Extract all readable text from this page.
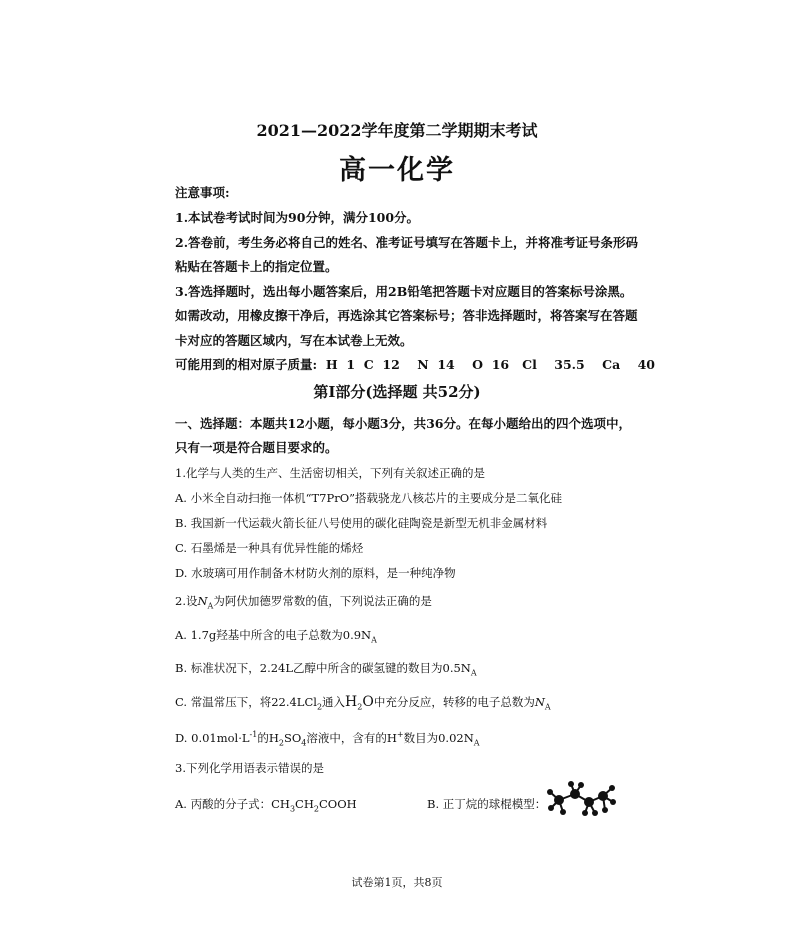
2021—2022学年度第二学期期末考试
高一化学
注意事项:
1.本试卷考试时间为90分钟，满分100分。
2.答卷前，考生务必将自己的姓名、准考证号填写在答题卡上，并将准考证号条形码
粘贴在答题卡上的指定位置。
3.答选择题时，选出每小题答案后，用2B铅笔把答题卡对应题目的答案标号涂黑。
如需改动，用橡皮擦干净后，再选涂其它答案标号；答非选择题时，将答案写在答题
卡对应的答题区域内，写在本试卷上无效。
可能用到的相对原子质量:  H  1  C  12    N  14    O  16   Cl    35.5    Ca    40
第Ⅰ部分(选择题 共52分)
一、选择题：本题共12小题，每小题3分，共36分。在每小题给出的四个选项中，
只有一项是符合题目要求的。
1.化学与人类的生产、生活密切相关，下列有关叙述正确的是
A. 小米全自动扫拖一体机“T7PrO”搭载骁龙八核芯片的主要成分是二氧化硅
B. 我国新一代运载火箭长征八号使用的碳化硅陶瓷是新型无机非金属材料
C. 石墨烯是一种具有优异性能的烯烃
D. 水玻璃可用作制备木材防火剂的原料，是一种纯净物
2.设$N_A$为阿伏加德罗常数的值，下列说法正确的是
A. 1.7g羟基中所含的电子总数为$0.9N_A$
B. 标准状况下，2.24L乙醇中所含的碳氢键的数目为$0.5N_A$
C. 常温常压下，将22.4LCl$_2$通入$H_2O$中充分反应，转移的电子总数为$N_A$
D. $0.01mol\cdot L^{-1}$的$H_2SO_4$溶液中，含有的H+数目为$0.02N_A$
3.下列化学用语表示错误的是
A. 丙酸的分子式：$CH_3CH_2COOH$	B. 正丁烷的球棍模型：
试卷第1页，共8页
